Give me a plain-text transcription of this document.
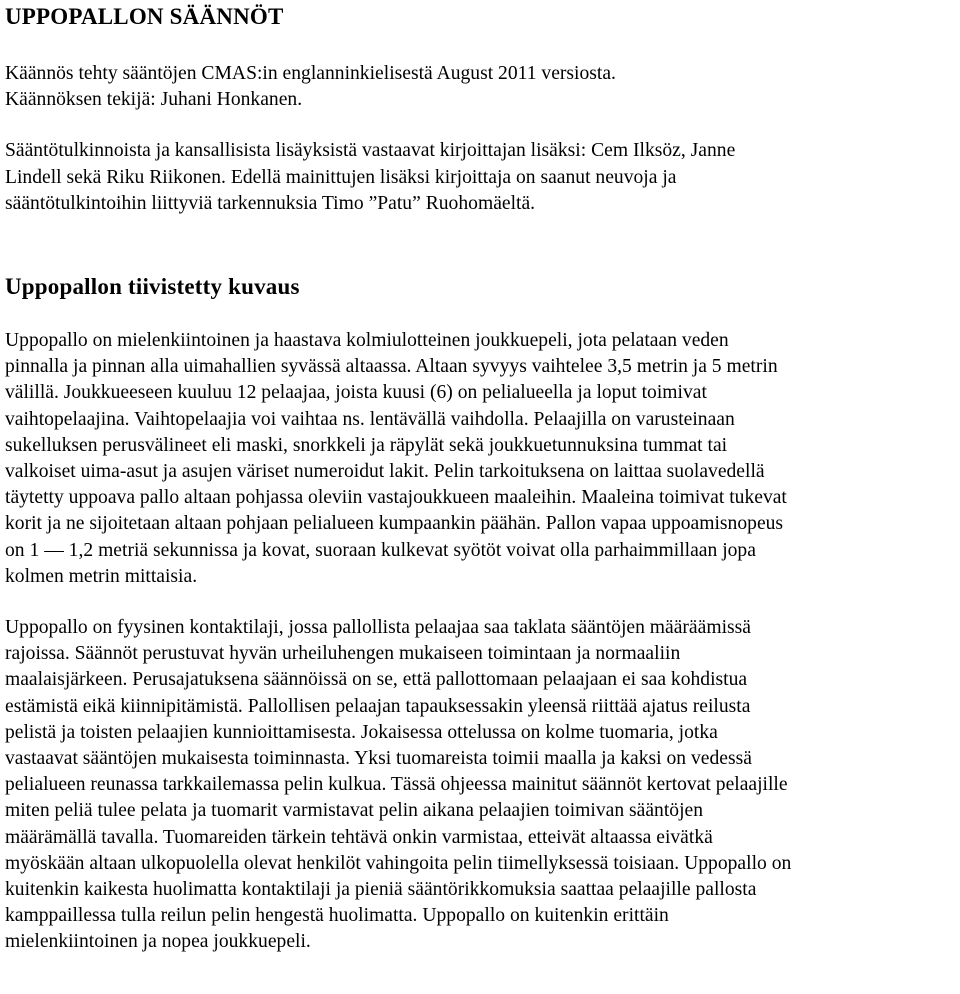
UPPOPALLON SÄÄNNÖT

Käännös tehty sääntöjen CMAS:in englanninkielisestä August 2011 versiosta.
Käännöksen tekijä: Juhani Honkanen.

Sääntötulkinnoista ja kansallisista lisäyksistä vastaavat kirjoittajan lisäksi: Cem Ilksöz, Janne
Lindell sekä Riku Riikonen. Edellä mainittujen lisäksi kirjoittaja on saanut neuvoja ja
sääntötulkintoihin liittyviä tarkennuksia Timo ”Patu” Ruohomäeltä.

Uppopallon tiivistetty kuvaus

Uppopallo on mielenkiintoinen ja haastava kolmiulotteinen joukkuepeli, jota pelataan veden
pinnalla ja pinnan alla uimahallien syvässä altaassa. Altaan syvyys vaihtelee 3,5 metrin ja 5 metrin
välillä. Joukkueeseen kuuluu 12 pelaajaa, joista kuusi (6) on pelialueella ja loput toimivat
vaihtopelaajina. Vaihtopelaajia voi vaihtaa ns. lentävällä vaihdolla. Pelaajilla on varusteinaan
sukelluksen perusvälineet eli maski, snorkkeli ja räpylät sekä joukkuetunnuksina tummat tai
valkoiset uima-asut ja asujen väriset numeroidut lakit. Pelin tarkoituksena on laittaa suolavedellä
täytetty uppoava pallo altaan pohjassa oleviin vastajoukkueen maaleihin. Maaleina toimivat tukevat
korit ja ne sijoitetaan altaan pohjaan pelialueen kumpaankin päähän. Pallon vapaa uppoamisnopeus
on 1 — 1,2 metriä sekunnissa ja kovat, suoraan kulkevat syötöt voivat olla parhaimmillaan jopa
kolmen metrin mittaisia.

Uppopallo on fyysinen kontaktilaji, jossa pallollista pelaajaa saa taklata sääntöjen määräämissä
rajoissa. Säännöt perustuvat hyvän urheiluhengen mukaiseen toimintaan ja normaaliin
maalaisjärkeen. Perusajatuksena säännöissä on se, että pallottomaan pelaajaan ei saa kohdistua
estämistä eikä kiinnipitämistä. Pallollisen pelaajan tapauksessakin yleensä riittää ajatus reilusta
pelistä ja toisten pelaajien kunnioittamisesta. Jokaisessa ottelussa on kolme tuomaria, jotka
vastaavat sääntöjen mukaisesta toiminnasta. Yksi tuomareista toimii maalla ja kaksi on vedessä
pelialueen reunassa tarkkailemassa pelin kulkua. Tässä ohjeessa mainitut säännöt kertovat pelaajille
miten peliä tulee pelata ja tuomarit varmistavat pelin aikana pelaajien toimivan sääntöjen
määrämällä tavalla. Tuomareiden tärkein tehtävä onkin varmistaa, etteivät altaassa eivätkä
myöskään altaan ulkopuolella olevat henkilöt vahingoita pelin tiimellyksessä toisiaan. Uppopallo on
kuitenkin kaikesta huolimatta kontaktilaji ja pieniä sääntörikkomuksia saattaa pelaajille pallosta
kamppaillessa tulla reilun pelin hengestä huolimatta. Uppopallo on kuitenkin erittäin
mielenkiintoinen ja nopea joukkuepeli.
